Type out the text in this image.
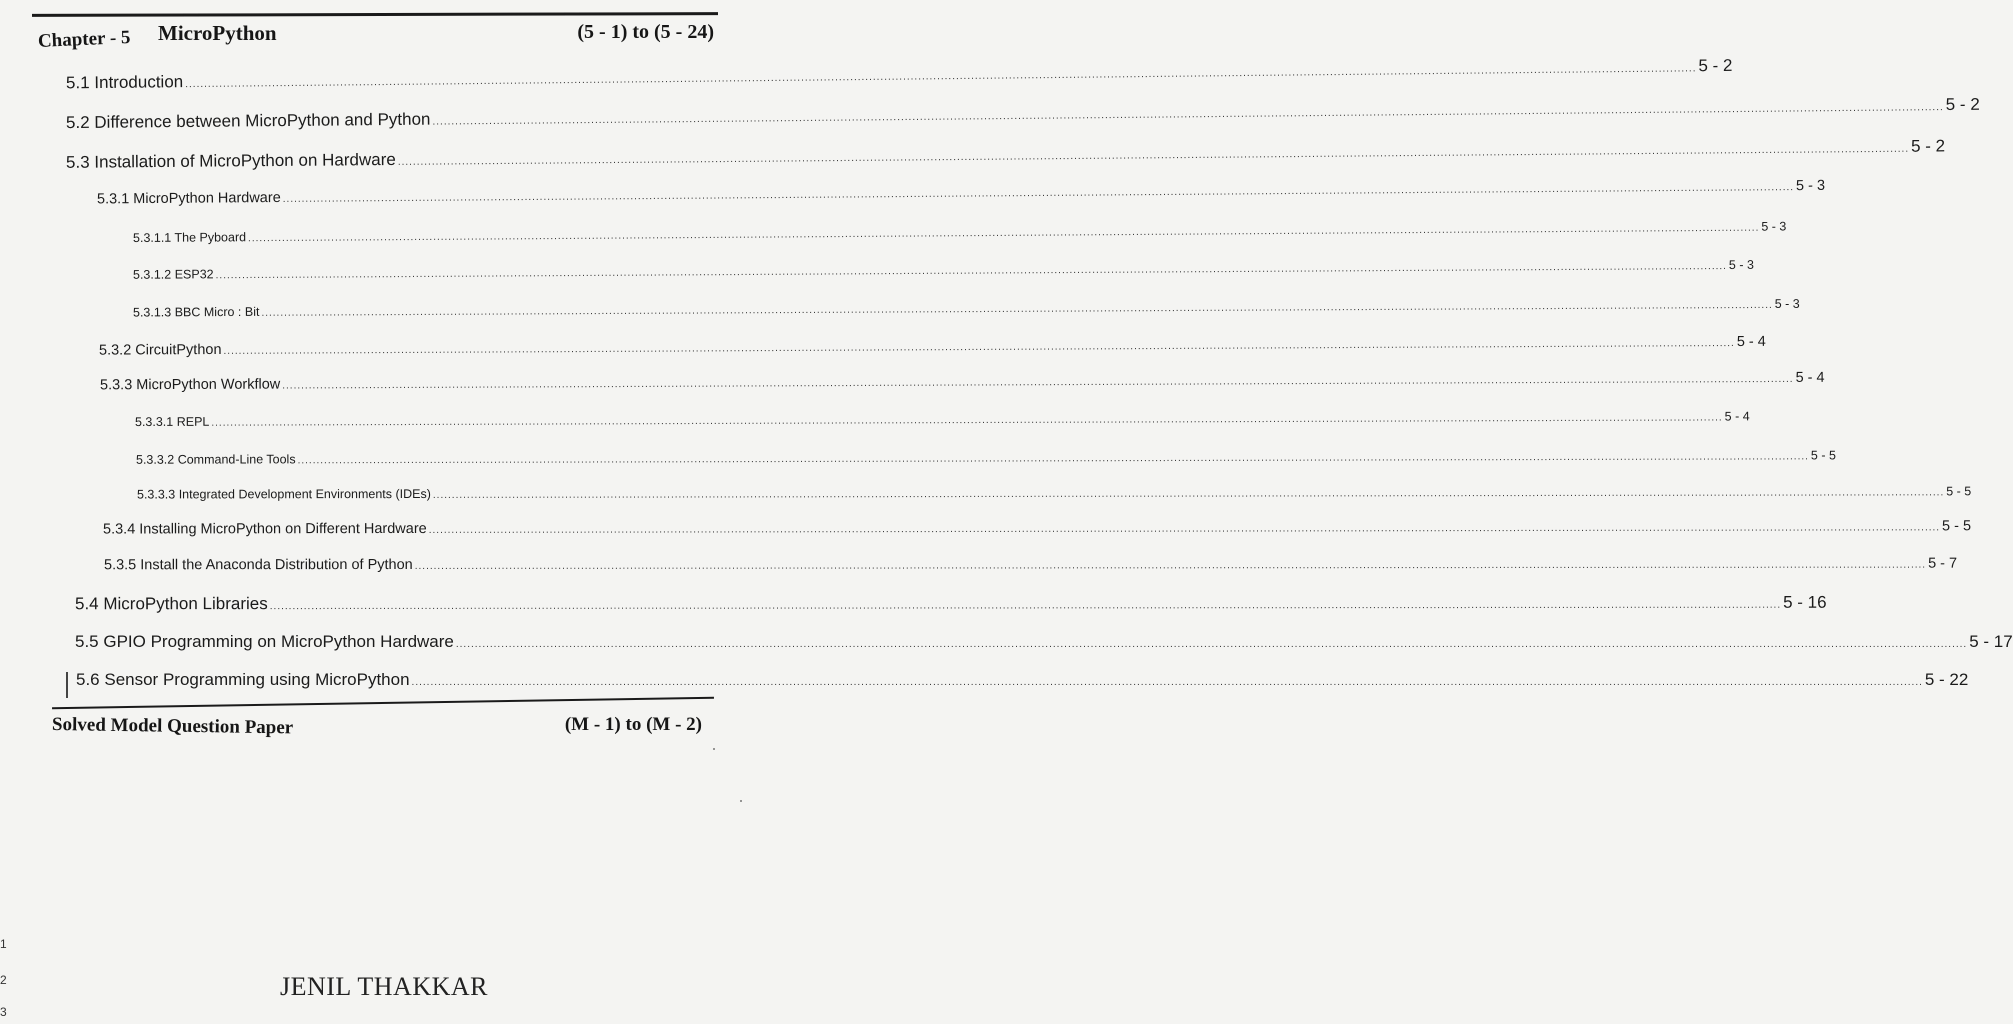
Chapter - 5 MicroPython	(5 - 1) to (5 - 24)
5.1 Introduction ................................................................................................................................................................................................................................................................................................................................................................................................................ 5 - 2
5.2 Difference between MicroPython and Python ................................................................................................................................................................................................................................................................................................................................................................................................................ 5 - 2
5.3 Installation of MicroPython on Hardware ................................................................................................................................................................................................................................................................................................................................................................................................................ 5 - 2
5.3.1 MicroPython Hardware ................................................................................................................................................................................................................................................................................................................................................................................................................ 5 - 3
5.3.1.1 The Pyboard ................................................................................................................................................................................................................................................................................................................................................................................................................ 5 - 3
5.3.1.2 ESP32 ................................................................................................................................................................................................................................................................................................................................................................................................................ 5 - 3
5.3.1.3 BBC Micro : Bit ................................................................................................................................................................................................................................................................................................................................................................................................................ 5 - 3
5.3.2 CircuitPython ................................................................................................................................................................................................................................................................................................................................................................................................................ 5 - 4
5.3.3 MicroPython Workflow ................................................................................................................................................................................................................................................................................................................................................................................................................ 5 - 4
5.3.3.1 REPL ................................................................................................................................................................................................................................................................................................................................................................................................................ 5 - 4
5.3.3.2 Command-Line Tools ................................................................................................................................................................................................................................................................................................................................................................................................................ 5 - 5
5.3.3.3 Integrated Development Environments (IDEs) ................................................................................................................................................................................................................................................................................................................................................................................................................ 5 - 5
5.3.4 Installing MicroPython on Different Hardware ................................................................................................................................................................................................................................................................................................................................................................................................................ 5 - 5
5.3.5 Install the Anaconda Distribution of Python ................................................................................................................................................................................................................................................................................................................................................................................................................ 5 - 7
5.4 MicroPython Libraries ................................................................................................................................................................................................................................................................................................................................................................................................................ 5 - 16
5.5 GPIO Programming on MicroPython Hardware ................................................................................................................................................................................................................................................................................................................................................................................................................ 5 - 17
5.6 Sensor Programming using MicroPython ................................................................................................................................................................................................................................................................................................................................................................................................................ 5 - 22
Solved Model Question Paper	(M - 1) to (M - 2)
JENIL THAKKAR
1
2
3
